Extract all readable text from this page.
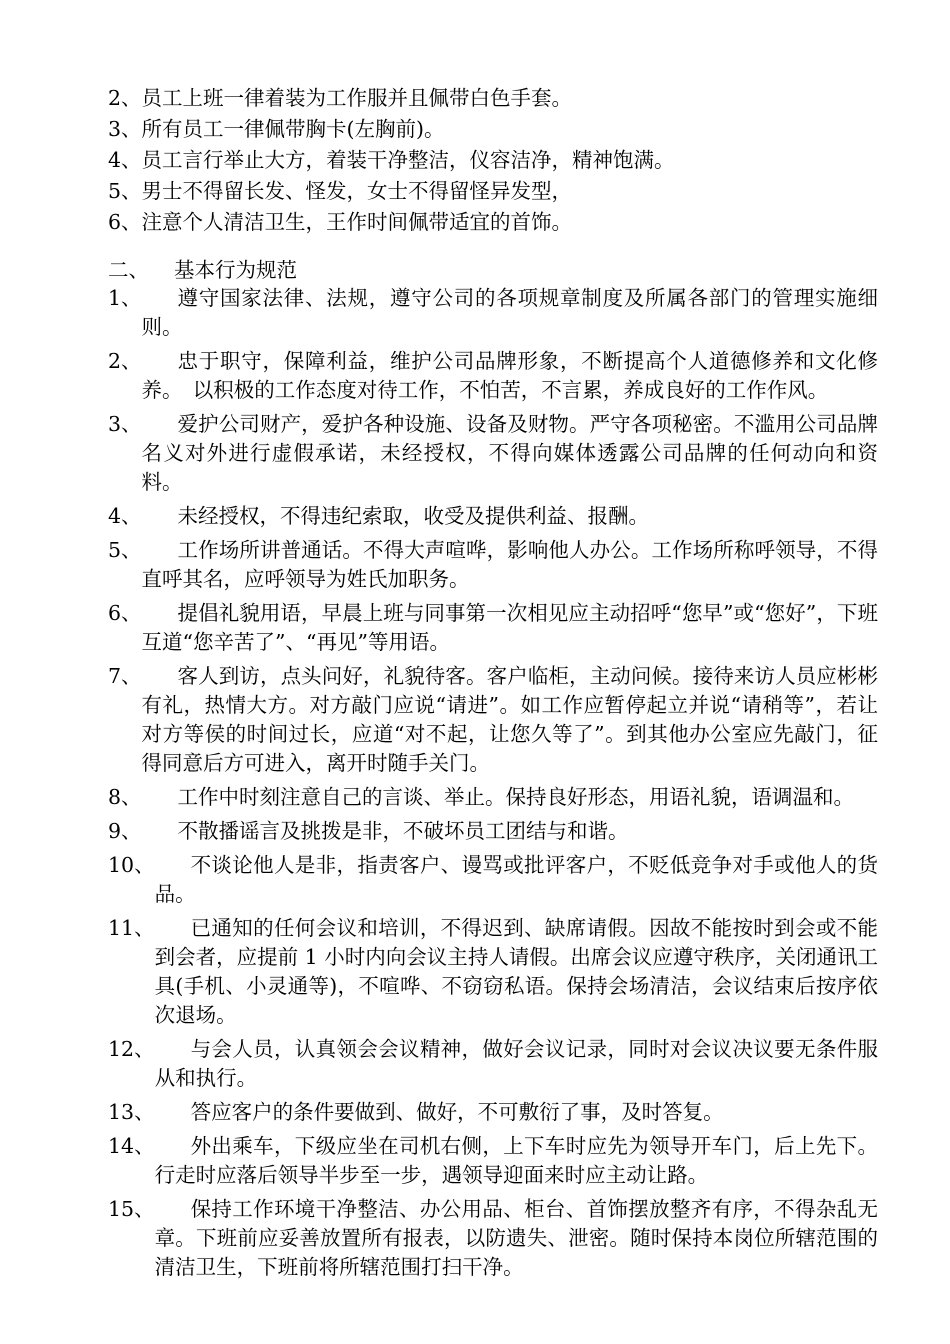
2、员工上班一律着装为工作服并且佩带白色手套。
3、所有员工一律佩带胸卡(左胸前)。
4、员工言行举止大方，着装干净整洁，仪容洁净，精神饱满。
5、男士不得留长发、怪发，女士不得留怪异发型，
6、注意个人清洁卫生，王作时间佩带适宜的首饰。
二、 基本行为规范
1、	遵守国家法律、法规，遵守公司的各项规章制度及所属各部门的管理实施细则。
2、	忠于职守，保障利益，维护公司品牌形象，不断提高个人道德修养和文化修养。　以积极的工作态度对待工作，不怕苦，不言累，养成良好的工作作风。
3、	爱护公司财产，爱护各种设施、设备及财物。严守各项秘密。不滥用公司品牌名义对外进行虚假承诺，未经授权，不得向媒体透露公司品牌的任何动向和资料。
4、	未经授权，不得违纪索取，收受及提供利益、报酬。
5、	工作场所讲普通话。不得大声喧哗，影响他人办公。工作场所称呼领导，不得直呼其名，应呼领导为姓氏加职务。
6、	提倡礼貌用语，早晨上班与同事第一次相见应主动招呼“您早”或“您好”，下班互道“您辛苦了”、“再见”等用语。
7、	客人到访，点头问好，礼貌待客。客户临柜，主动问候。接待来访人员应彬彬有礼，热情大方。对方敲门应说“请进”。如工作应暂停起立并说“请稍等”，若让对方等侯的时间过长，应道“对不起，让您久等了”。到其他办公室应先敲门，征得同意后方可进入，离开时随手关门。
8、	工作中时刻注意自己的言谈、举止。保持良好形态，用语礼貌，语调温和。
9、	不散播谣言及挑拨是非，不破坏员工团结与和谐。
10、	不谈论他人是非，指责客户、谩骂或批评客户，不贬低竞争对手或他人的货品。
11、	已通知的任何会议和培训，不得迟到、缺席请假。因故不能按时到会或不能到会者，应提前 1 小时内向会议主持人请假。出席会议应遵守秩序，关闭通讯工具(手机、小灵通等)，不喧哗、不窃窃私语。保持会场清洁，会议结束后按序依次退场。
12、	与会人员，认真领会会议精神，做好会议记录，同时对会议决议要无条件服从和执行。
13、	答应客户的条件要做到、做好，不可敷衍了事，及时答复。
14、	外出乘车，下级应坐在司机右侧，上下车时应先为领导开车门，后上先下。行走时应落后领导半步至一步，遇领导迎面来时应主动让路。
15、	保持工作环境干净整洁、办公用品、柜台、首饰摆放整齐有序，不得杂乱无章。下班前应妥善放置所有报表，以防遗失、泄密。随时保持本岗位所辖范围的清洁卫生，下班前将所辖范围打扫干净。
